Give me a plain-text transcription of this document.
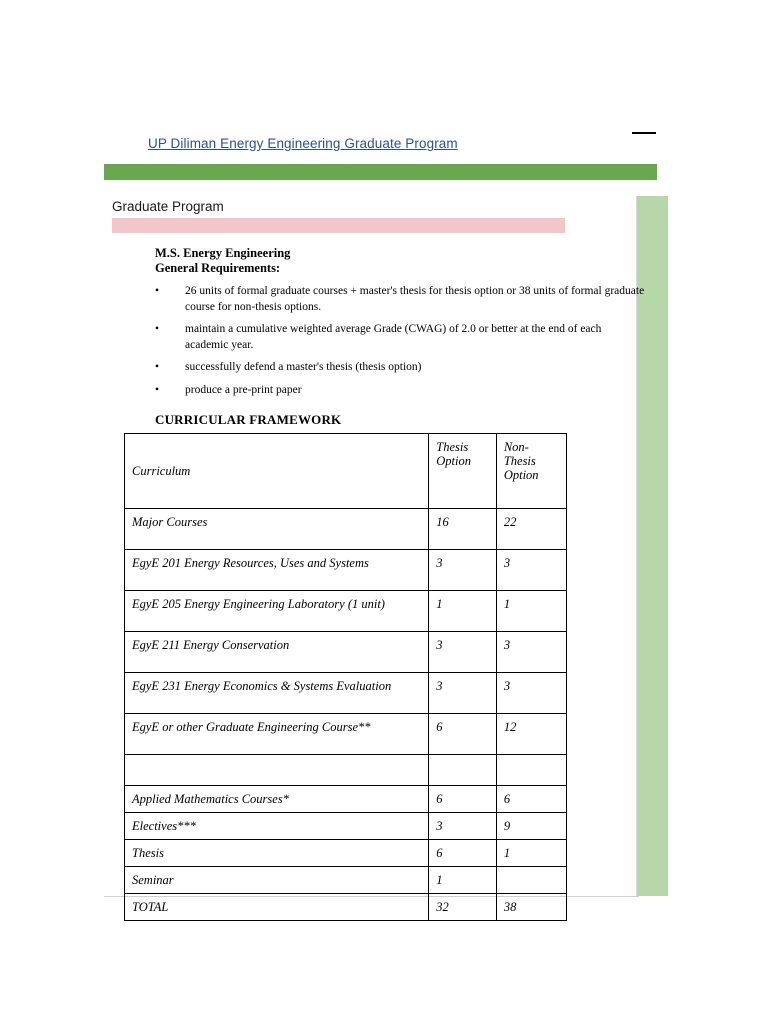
UP Diliman Energy Engineering Graduate Program
Graduate Program
M.S. Energy Engineering
General Requirements:
• 26 units of formal graduate courses + master's thesis for thesis option or 38 units of formal graduate course for non-thesis options.
• maintain a cumulative weighted average Grade (CWAG) of 2.0 or better at the end of each academic year.
• successfully defend a master's thesis (thesis option)
• produce a pre-print paper
CURRICULAR FRAMEWORK
Curriculum	Thesis Option	Non-Thesis Option
Major Courses	16	22
EgyE 201 Energy Resources, Uses and Systems	3	3
EgyE 205 Energy Engineering Laboratory (1 unit)	1	1
EgyE 211 Energy Conservation	3	3
EgyE 231 Energy Economics & Systems Evaluation	3	3
EgyE or other Graduate Engineering Course**	6	12

Applied Mathematics Courses*	6	6
Electives***	3	9
Thesis	6	1
Seminar	1	
TOTAL	32	38
